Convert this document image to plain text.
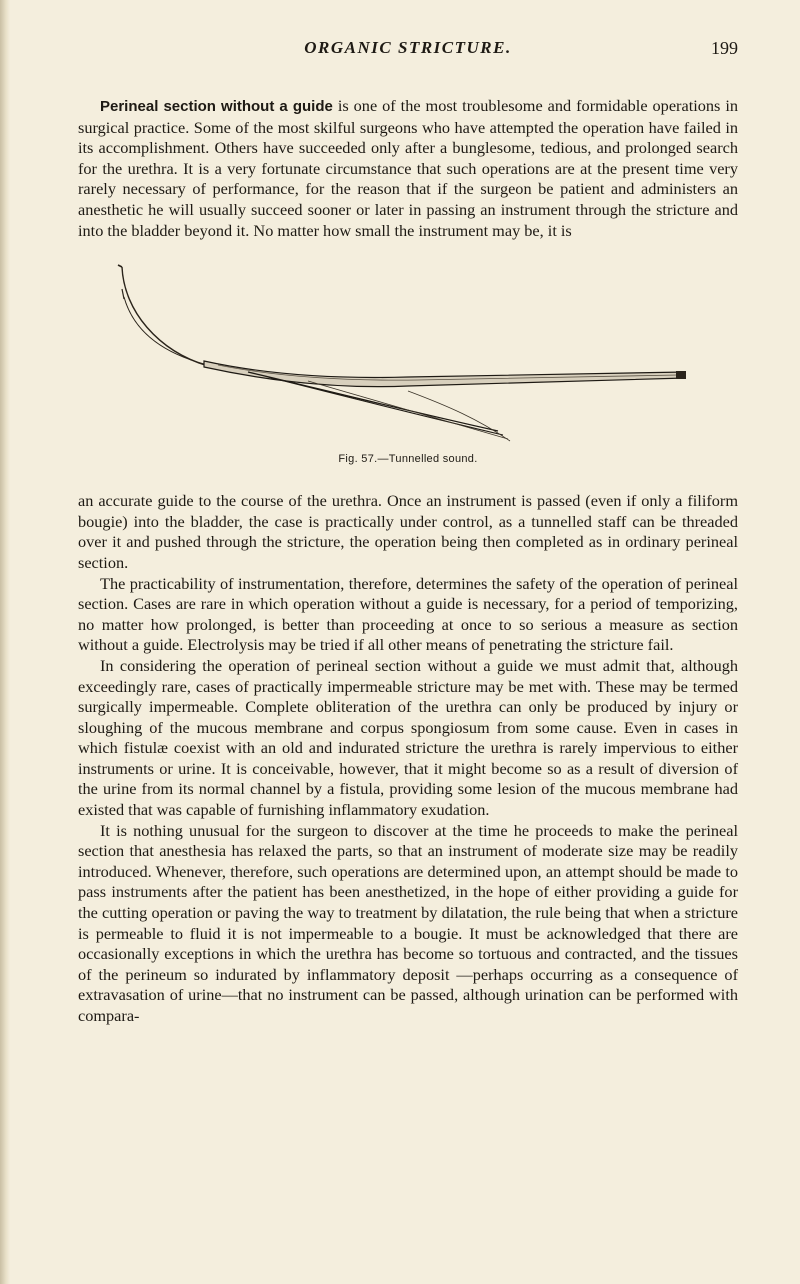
ORGANIC STRICTURE.	199

Perineal section without a guide is one of the most troublesome and formidable operations in surgical practice. Some of the most skilful surgeons who have attempted the operation have failed in its accomplishment. Others have succeeded only after a bunglesome, tedious, and prolonged search for the urethra. It is a very fortunate circumstance that such operations are at the present time very rarely necessary of performance, for the reason that if the surgeon be patient and administers an anesthetic he will usually succeed sooner or later in passing an instrument through the stricture and into the bladder beyond it. No matter how small the instrument may be, it is

Fig. 57.—Tunnelled sound.

an accurate guide to the course of the urethra. Once an instrument is passed (even if only a filiform bougie) into the bladder, the case is practically under control, as a tunnelled staff can be threaded over it and pushed through the stricture, the operation being then completed as in ordinary perineal section.

The practicability of instrumentation, therefore, determines the safety of the operation of perineal section. Cases are rare in which operation without a guide is necessary, for a period of temporizing, no matter how prolonged, is better than proceeding at once to so serious a measure as section without a guide. Electrolysis may be tried if all other means of penetrating the stricture fail.

In considering the operation of perineal section without a guide we must admit that, although exceedingly rare, cases of practically impermeable stricture may be met with. These may be termed surgically impermeable. Complete obliteration of the urethra can only be produced by injury or sloughing of the mucous membrane and corpus spongiosum from some cause. Even in cases in which fistulæ coexist with an old and indurated stricture the urethra is rarely impervious to either instruments or urine. It is conceivable, however, that it might become so as a result of diversion of the urine from its normal channel by a fistula, providing some lesion of the mucous membrane had existed that was capable of furnishing inflammatory exudation.

It is nothing unusual for the surgeon to discover at the time he proceeds to make the perineal section that anesthesia has relaxed the parts, so that an instrument of moderate size may be readily introduced. Whenever, therefore, such operations are determined upon, an attempt should be made to pass instruments after the patient has been anesthetized, in the hope of either providing a guide for the cutting operation or paving the way to treatment by dilatation, the rule being that when a stricture is permeable to fluid it is not impermeable to a bougie. It must be acknowledged that there are occasionally exceptions in which the urethra has become so tortuous and contracted, and the tissues of the perineum so indurated by inflammatory deposit —perhaps occurring as a consequence of extravasation of urine—that no instrument can be passed, although urination can be performed with compara-
